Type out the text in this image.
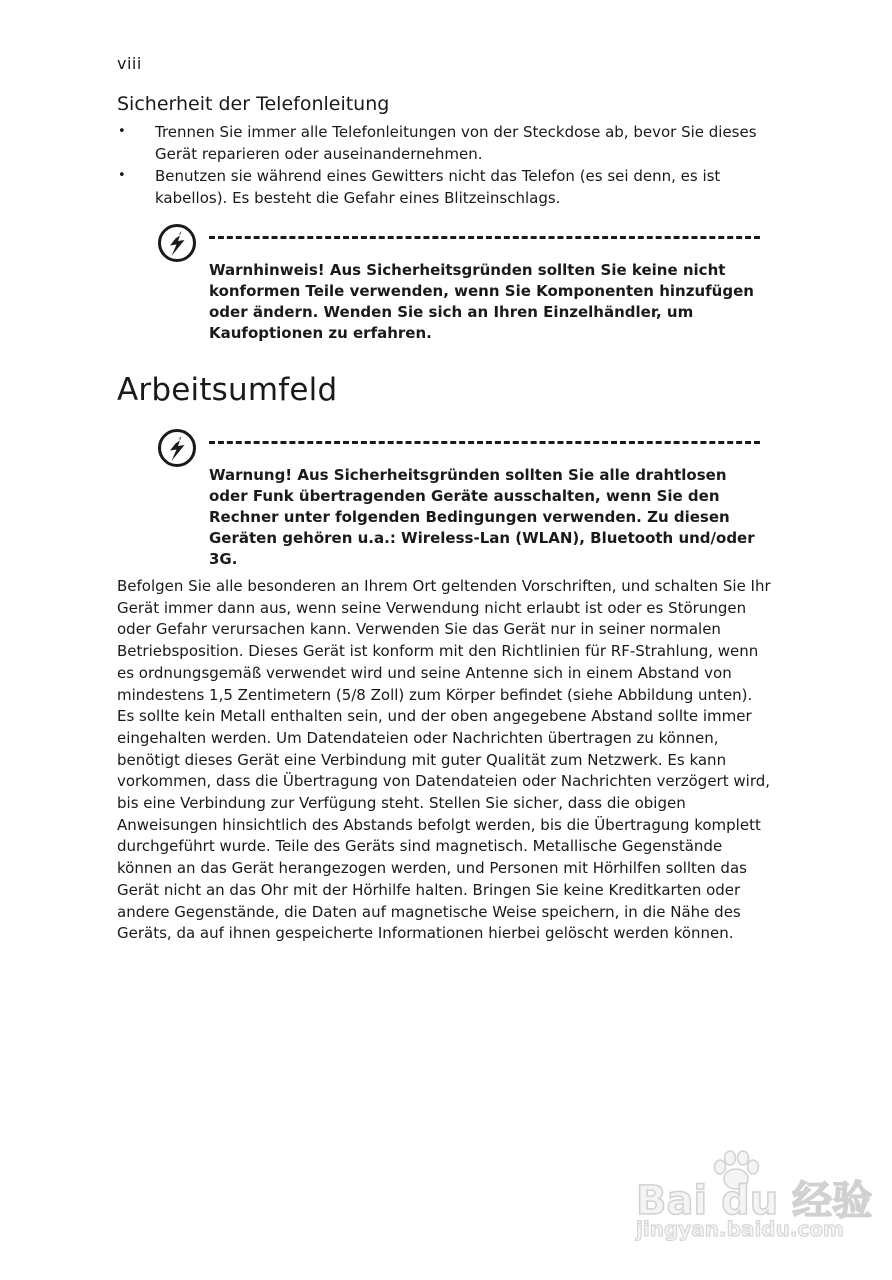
viii
Sicherheit der Telefonleitung
• Trennen Sie immer alle Telefonleitungen von der Steckdose ab, bevor Sie dieses Gerät reparieren oder auseinandernehmen.
• Benutzen sie während eines Gewitters nicht das Telefon (es sei denn, es ist kabellos). Es besteht die Gefahr eines Blitzeinschlags.

Warnhinweis! Aus Sicherheitsgründen sollten Sie keine nicht konformen Teile verwenden, wenn Sie Komponenten hinzufügen oder ändern. Wenden Sie sich an Ihren Einzelhändler, um Kaufoptionen zu erfahren.

Arbeitsumfeld

Warnung! Aus Sicherheitsgründen sollten Sie alle drahtlosen oder Funk übertragenden Geräte ausschalten, wenn Sie den Rechner unter folgenden Bedingungen verwenden. Zu diesen Geräten gehören u.a.: Wireless-Lan (WLAN), Bluetooth und/oder 3G.

Befolgen Sie alle besonderen an Ihrem Ort geltenden Vorschriften, und schalten Sie Ihr Gerät immer dann aus, wenn seine Verwendung nicht erlaubt ist oder es Störungen oder Gefahr verursachen kann. Verwenden Sie das Gerät nur in seiner normalen Betriebsposition. Dieses Gerät ist konform mit den Richtlinien für RF-Strahlung, wenn es ordnungsgemäß verwendet wird und seine Antenne sich in einem Abstand von mindestens 1,5 Zentimetern (5/8 Zoll) zum Körper befindet (siehe Abbildung unten). Es sollte kein Metall enthalten sein, und der oben angegebene Abstand sollte immer eingehalten werden. Um Datendateien oder Nachrichten übertragen zu können, benötigt dieses Gerät eine Verbindung mit guter Qualität zum Netzwerk. Es kann vorkommen, dass die Übertragung von Datendateien oder Nachrichten verzögert wird, bis eine Verbindung zur Verfügung steht. Stellen Sie sicher, dass die obigen Anweisungen hinsichtlich des Abstands befolgt werden, bis die Übertragung komplett durchgeführt wurde. Teile des Geräts sind magnetisch. Metallische Gegenstände können an das Gerät herangezogen werden, und Personen mit Hörhilfen sollten das Gerät nicht an das Ohr mit der Hörhilfe halten. Bringen Sie keine Kreditkarten oder andere Gegenstände, die Daten auf magnetische Weise speichern, in die Nähe des Geräts, da auf ihnen gespeicherte Informationen hierbei gelöscht werden können.

Bai du 经验
jingyan.baidu.com
